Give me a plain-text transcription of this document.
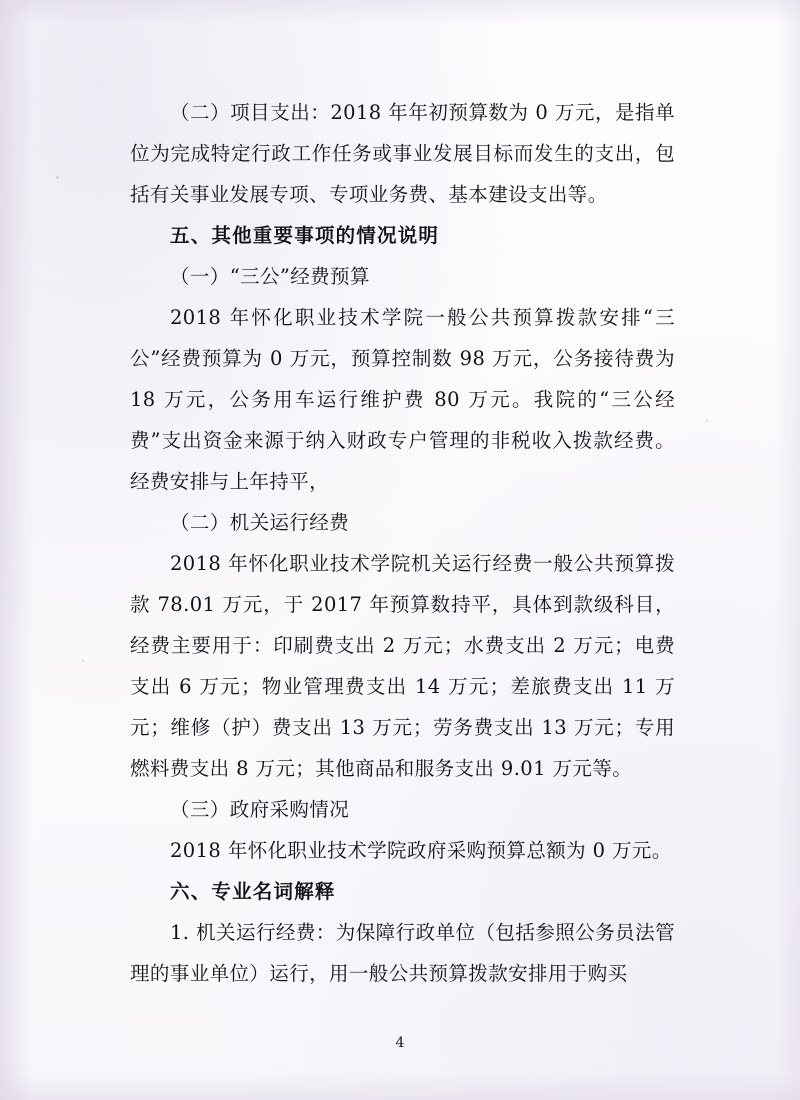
（二）项目支出：2018 年年初预算数为 0 万元，是指单位为完成特定行政工作任务或事业发展目标而发生的支出，包括有关事业发展专项、专项业务费、基本建设支出等。

五、其他重要事项的情况说明

（一）“三公”经费预算

2018 年怀化职业技术学院一般公共预算拨款安排“三公”经费预算为 0 万元，预算控制数 98 万元，公务接待费为 18 万元，公务用车运行维护费 80 万元。我院的“三公经费”支出资金来源于纳入财政专户管理的非税收入拨款经费。经费安排与上年持平，

（二）机关运行经费

2018 年怀化职业技术学院机关运行经费一般公共预算拨款 78.01 万元，于 2017 年预算数持平，具体到款级科目，经费主要用于：印刷费支出 2 万元；水费支出 2 万元；电费支出 6 万元；物业管理费支出 14 万元；差旅费支出 11 万元；维修（护）费支出 13 万元；劳务费支出 13 万元；专用燃料费支出 8 万元；其他商品和服务支出 9.01 万元等。

（三）政府采购情况

2018 年怀化职业技术学院政府采购预算总额为 0 万元。

六、专业名词解释

1. 机关运行经费：为保障行政单位（包括参照公务员法管理的事业单位）运行，用一般公共预算拨款安排用于购买

4
